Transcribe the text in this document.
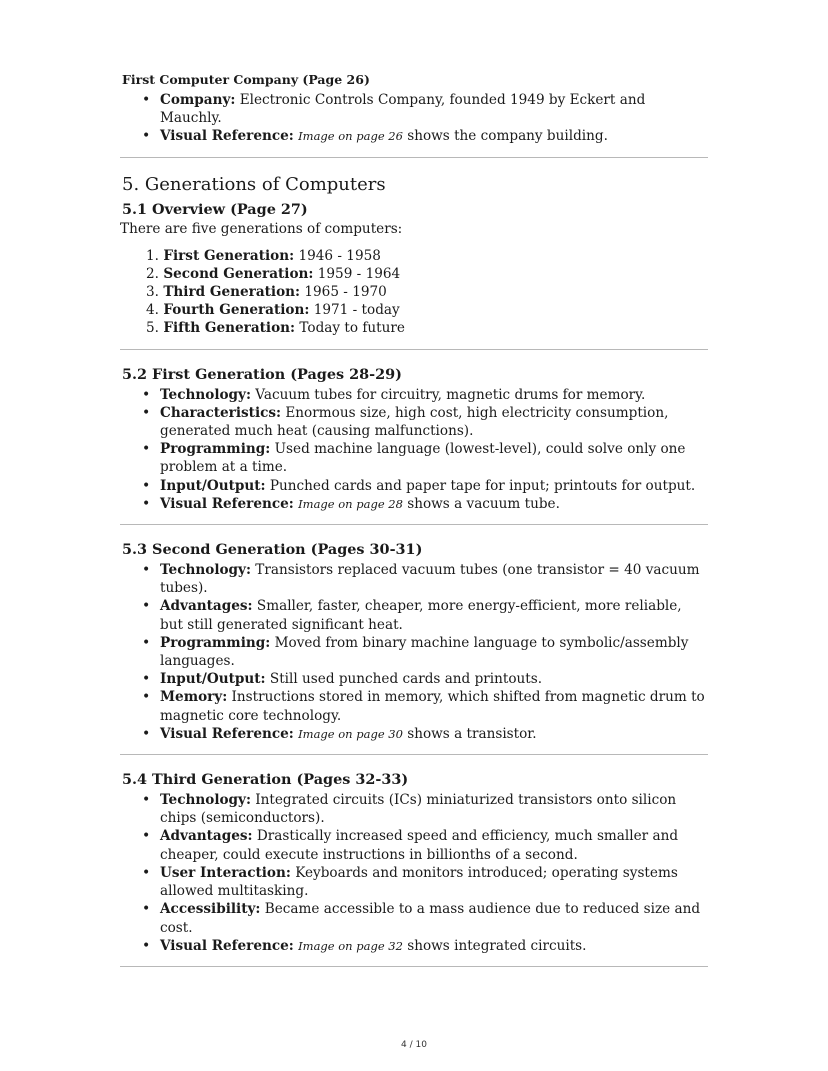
First Computer Company (Page 26)
• Company: Electronic Controls Company, founded 1949 by Eckert and Mauchly.
• Visual Reference: Image on page 26 shows the company building.
5. Generations of Computers
5.1 Overview (Page 27)

There are five generations of computers:

1. First Generation: 1946 - 1958
2. Second Generation: 1959 - 1964
3. Third Generation: 1965 - 1970
4. Fourth Generation: 1971 - today
5. Fifth Generation: Today to future
5.2 First Generation (Pages 28-29)
• Technology: Vacuum tubes for circuitry, magnetic drums for memory.
• Characteristics: Enormous size, high cost, high electricity consumption, generated much heat (causing malfunctions).
• Programming: Used machine language (lowest-level), could solve only one problem at a time.
• Input/Output: Punched cards and paper tape for input; printouts for output.
• Visual Reference: Image on page 28 shows a vacuum tube.
5.3 Second Generation (Pages 30-31)
• Technology: Transistors replaced vacuum tubes (one transistor = 40 vacuum tubes).
• Advantages: Smaller, faster, cheaper, more energy-efficient, more reliable, but still generated significant heat.
• Programming: Moved from binary machine language to symbolic/assembly languages.
• Input/Output: Still used punched cards and printouts.
• Memory: Instructions stored in memory, which shifted from magnetic drum to magnetic core technology.
• Visual Reference: Image on page 30 shows a transistor.
5.4 Third Generation (Pages 32-33)
• Technology: Integrated circuits (ICs) miniaturized transistors onto silicon chips (semiconductors).
• Advantages: Drastically increased speed and efficiency, much smaller and cheaper, could execute instructions in billionths of a second.
• User Interaction: Keyboards and monitors introduced; operating systems allowed multitasking.
• Accessibility: Became accessible to a mass audience due to reduced size and cost.
• Visual Reference: Image on page 32 shows integrated circuits.
4 / 10
